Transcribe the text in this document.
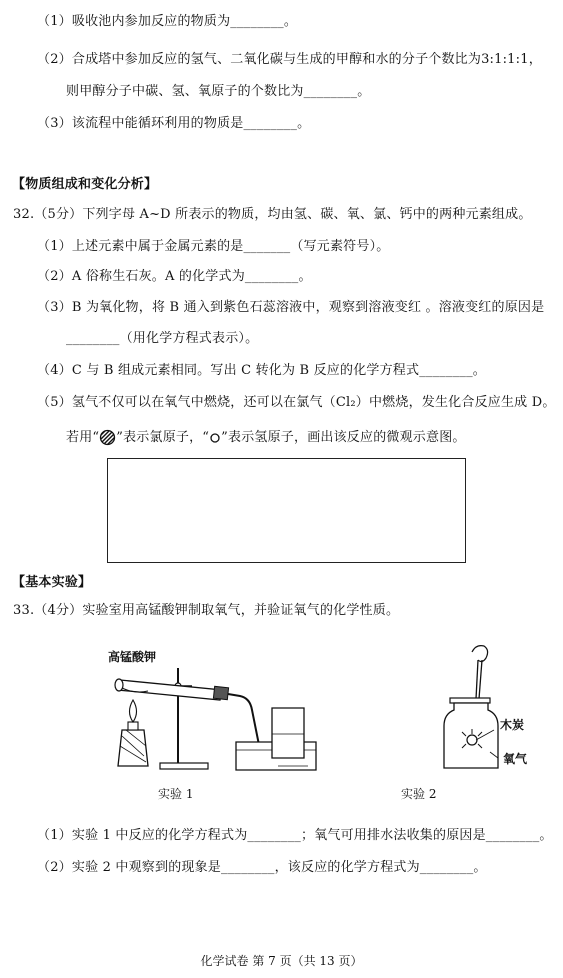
（1）吸收池内参加反应的物质为________。
（2）合成塔中参加反应的氢气、二氧化碳与生成的甲醇和水的分子个数比为3:1:1:1，
则甲醇分子中碳、氢、氧原子的个数比为________。
（3）该流程中能循环利用的物质是________。
【物质组成和变化分析】
32.（5分）下列字母 A~D 所表示的物质，均由氢、碳、氧、氯、钙中的两种元素组成。
（1）上述元素中属于金属元素的是_______（写元素符号）。
（2）A 俗称生石灰。A 的化学式为________。
（3）B 为氧化物，将 B 通入到紫色石蕊溶液中，观察到溶液变红 。溶液变红的原因是
________（用化学方程式表示）。
（4）C 与 B 组成元素相同。写出 C 转化为 B 反应的化学方程式________。
（5）氢气不仅可以在氧气中燃烧，还可以在氯气（Cl₂）中燃烧，发生化合反应生成 D。
若用“ ”表示氯原子，“ ”表示氢原子，画出该反应的微观示意图。
【基本实验】
33.（4分）实验室用高锰酸钾制取氧气，并验证氧气的化学性质。
高锰酸钾
实验 1
木炭
氧气
实验 2
（1）实验 1 中反应的化学方程式为________；氧气可用排水法收集的原因是________。
（2）实验 2 中观察到的现象是________，该反应的化学方程式为________。
化学试卷 第 7 页（共 13 页）
